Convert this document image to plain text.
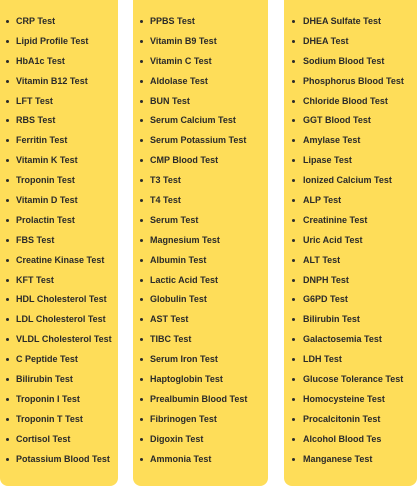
CRP Test
Lipid Profile Test
HbA1c Test
Vitamin B12 Test
LFT Test
RBS Test
Ferritin Test
Vitamin K Test
Troponin Test
Vitamin D Test
Prolactin Test
FBS Test
Creatine Kinase Test
KFT Test
HDL Cholesterol Test
LDL Cholesterol Test
VLDL Cholesterol Test
C Peptide Test
Bilirubin Test
Troponin I Test
Troponin T Test
Cortisol Test
Potassium Blood Test
PPBS Test
Vitamin B9 Test
Vitamin C Test
Aldolase Test
BUN Test
Serum Calcium Test
Serum Potassium Test
CMP Blood Test
T3 Test
T4 Test
Serum Test
Magnesium Test
Albumin Test
Lactic Acid Test
Globulin Test
AST Test
TIBC Test
Serum Iron Test
Haptoglobin Test
Prealbumin Blood Test
Fibrinogen Test
Digoxin Test
Ammonia Test
DHEA Sulfate Test
DHEA Test
Sodium Blood Test
Phosphorus Blood Test
Chloride Blood Test
GGT Blood Test
Amylase Test
Lipase Test
Ionized Calcium Test
ALP Test
Creatinine Test
Uric Acid Test
ALT Test
DNPH Test
G6PD Test
Bilirubin Test
Galactosemia Test
LDH Test
Glucose Tolerance Test
Homocysteine Test
Procalcitonin Test
Alcohol Blood Tes
Manganese Test
